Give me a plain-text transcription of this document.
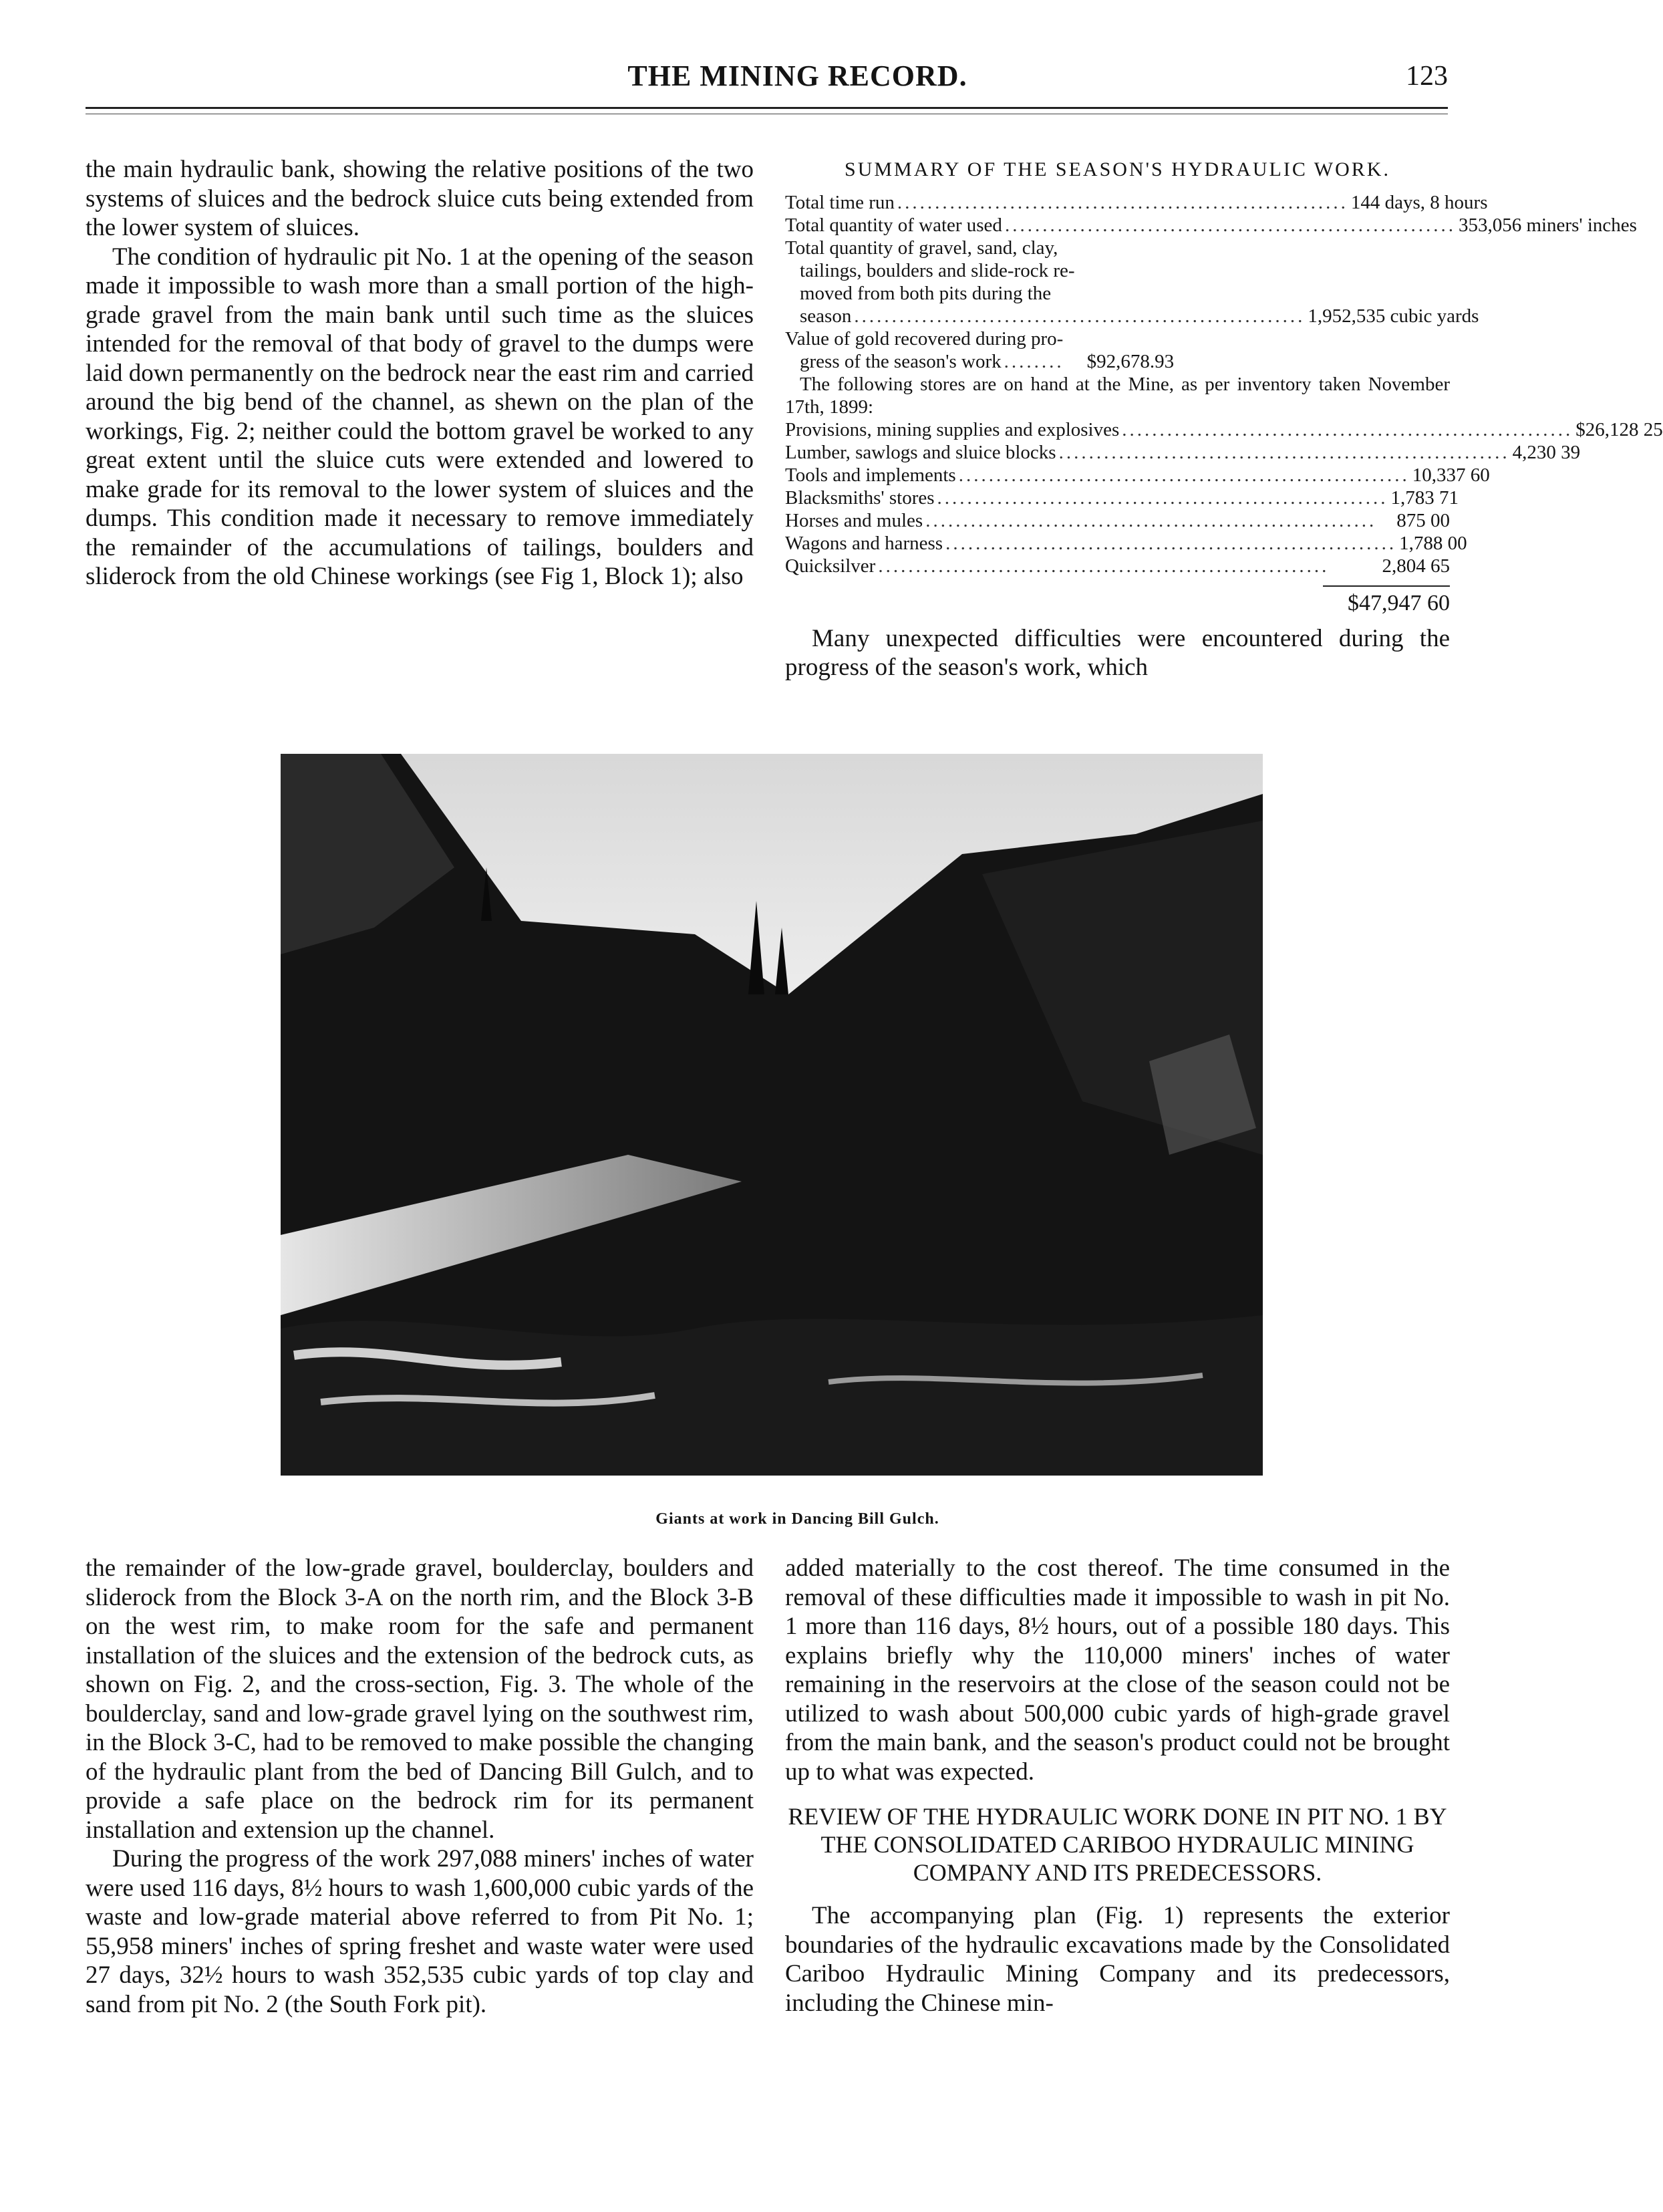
THE MINING RECORD.	123

the main hydraulic bank, showing the relative positions of the two systems of sluices and the bedrock sluice cuts being extended from the lower system of sluices.

The condition of hydraulic pit No. 1 at the opening of the season made it impossible to wash more than a small portion of the high-grade gravel from the main bank until such time as the sluices intended for the removal of that body of gravel to the dumps were laid down permanently on the bedrock near the east rim and carried around the big bend of the channel, as shewn on the plan of the workings, Fig. 2; neither could the bottom gravel be worked to any great extent until the sluice cuts were extended and lowered to make grade for its removal to the lower system of sluices and the dumps. This condition made it necessary to remove immediately the remainder of the accumulations of tailings, boulders and sliderock from the old Chinese workings (see Fig 1, Block 1); also

SUMMARY OF THE SEASON'S HYDRAULIC WORK.
Total time run ............................................................ 144 days, 8 hours
Total quantity of water used ............................................................ 353,056 miners' inches
Total quantity of gravel, sand, clay,
tailings, boulders and slide-rock re-
moved from both pits during the
season ............................................................ 1,952,535 cubic yards
Value of gold recovered during pro-
gress of the season's work ........	$92,678.93
The following stores are on hand at the Mine, as per inventory taken November 17th, 1899:
Provisions, mining supplies and explosives ............................................................ $26,128 25
Lumber, sawlogs and sluice blocks ............................................................ 4,230 39
Tools and implements ............................................................ 10,337 60
Blacksmiths' stores ............................................................ 1,783 71
Horses and mules ............................................................	875 00
Wagons and harness ............................................................ 1,788 00
Quicksilver ............................................................	2,804 65
$47,947 60

Many unexpected difficulties were encountered during the progress of the season's work, which

Giants at work in Dancing Bill Gulch.

the remainder of the low-grade gravel, boulderclay, boulders and sliderock from the Block 3-A on the north rim, and the Block 3-B on the west rim, to make room for the safe and permanent installation of the sluices and the extension of the bedrock cuts, as shown on Fig. 2, and the cross-section, Fig. 3. The whole of the boulderclay, sand and low-grade gravel lying on the southwest rim, in the Block 3-C, had to be removed to make possible the changing of the hydraulic plant from the bed of Dancing Bill Gulch, and to provide a safe place on the bedrock rim for its permanent installation and extension up the channel.

During the progress of the work 297,088 miners' inches of water were used 116 days, 8½ hours to wash 1,600,000 cubic yards of the waste and low-grade material above referred to from Pit No. 1; 55,958 miners' inches of spring freshet and waste water were used 27 days, 32½ hours to wash 352,535 cubic yards of top clay and sand from pit No. 2 (the South Fork pit).

added materially to the cost thereof. The time consumed in the removal of these difficulties made it impossible to wash in pit No. 1 more than 116 days, 8½ hours, out of a possible 180 days. This explains briefly why the 110,000 miners' inches of water remaining in the reservoirs at the close of the season could not be utilized to wash about 500,000 cubic yards of high-grade gravel from the main bank, and the season's product could not be brought up to what was expected.

REVIEW OF THE HYDRAULIC WORK DONE IN PIT NO. 1 BY THE CONSOLIDATED CARIBOO HYDRAULIC MINING COMPANY AND ITS PREDECESSORS.

The accompanying plan (Fig. 1) represents the exterior boundaries of the hydraulic excavations made by the Consolidated Cariboo Hydraulic Mining Company and its predecessors, including the Chinese min-
